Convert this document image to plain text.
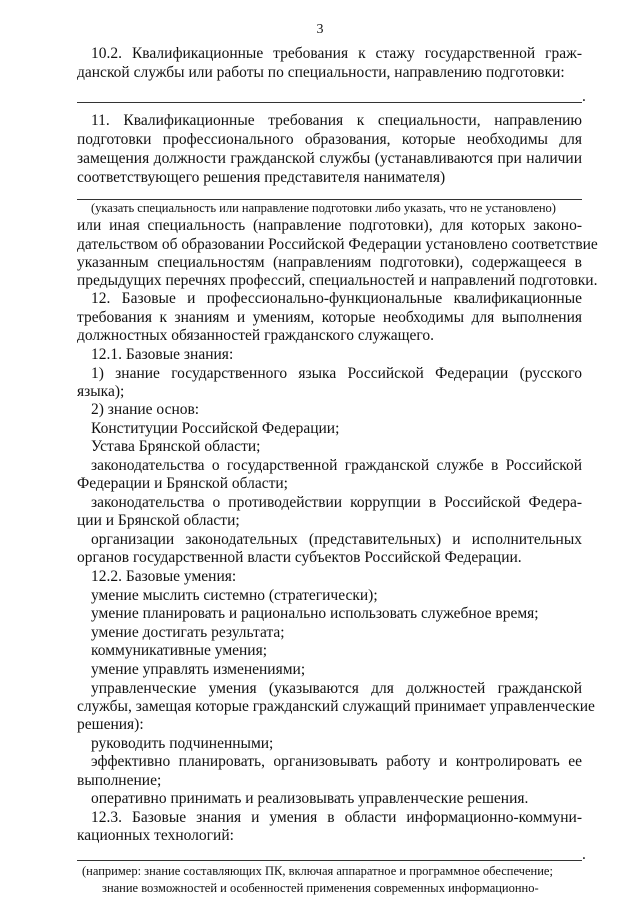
3
10.2. Квалификационные требования к стажу государственной граж-
данской службы или работы по специальности, направлению подготовки:
.
11. Квалификационные требования к специальности, направлению
подготовки профессионального образования, которые необходимы для
замещения должности гражданской службы (устанавливаются при наличии
соответствующего решения представителя нанимателя)
(указать специальность или направление подготовки либо указать, что не установлено)
или иная специальность (направление подготовки), для которых законо-
дательством об образовании Российской Федерации установлено соответствие
указанным специальностям (направлениям подготовки), содержащееся в
предыдущих перечнях профессий, специальностей и направлений подготовки.
12. Базовые и профессионально-функциональные квалификационные
требования к знаниям и умениям, которые необходимы для выполнения
должностных обязанностей гражданского служащего.
12.1. Базовые знания:
1) знание государственного языка Российской Федерации (русского
языка);
2) знание основ:
Конституции Российской Федерации;
Устава Брянской области;
законодательства о государственной гражданской службе в Российской
Федерации и Брянской области;
законодательства о противодействии коррупции в Российской Федера-
ции и Брянской области;
организации законодательных (представительных) и исполнительных
органов государственной власти субъектов Российской Федерации.
12.2. Базовые умения:
умение мыслить системно (стратегически);
умение планировать и рационально использовать служебное время;
умение достигать результата;
коммуникативные умения;
умение управлять изменениями;
управленческие умения (указываются для должностей гражданской
службы, замещая которые гражданский служащий принимает управленческие
решения):
руководить подчиненными;
эффективно планировать, организовывать работу и контролировать ее
выполнение;
оперативно принимать и реализовывать управленческие решения.
12.3. Базовые знания и умения в области информационно-коммуни-
кационных технологий:
.
(например: знание составляющих ПК, включая аппаратное и программное обеспечение;
знание возможностей и особенностей применения современных информационно-
